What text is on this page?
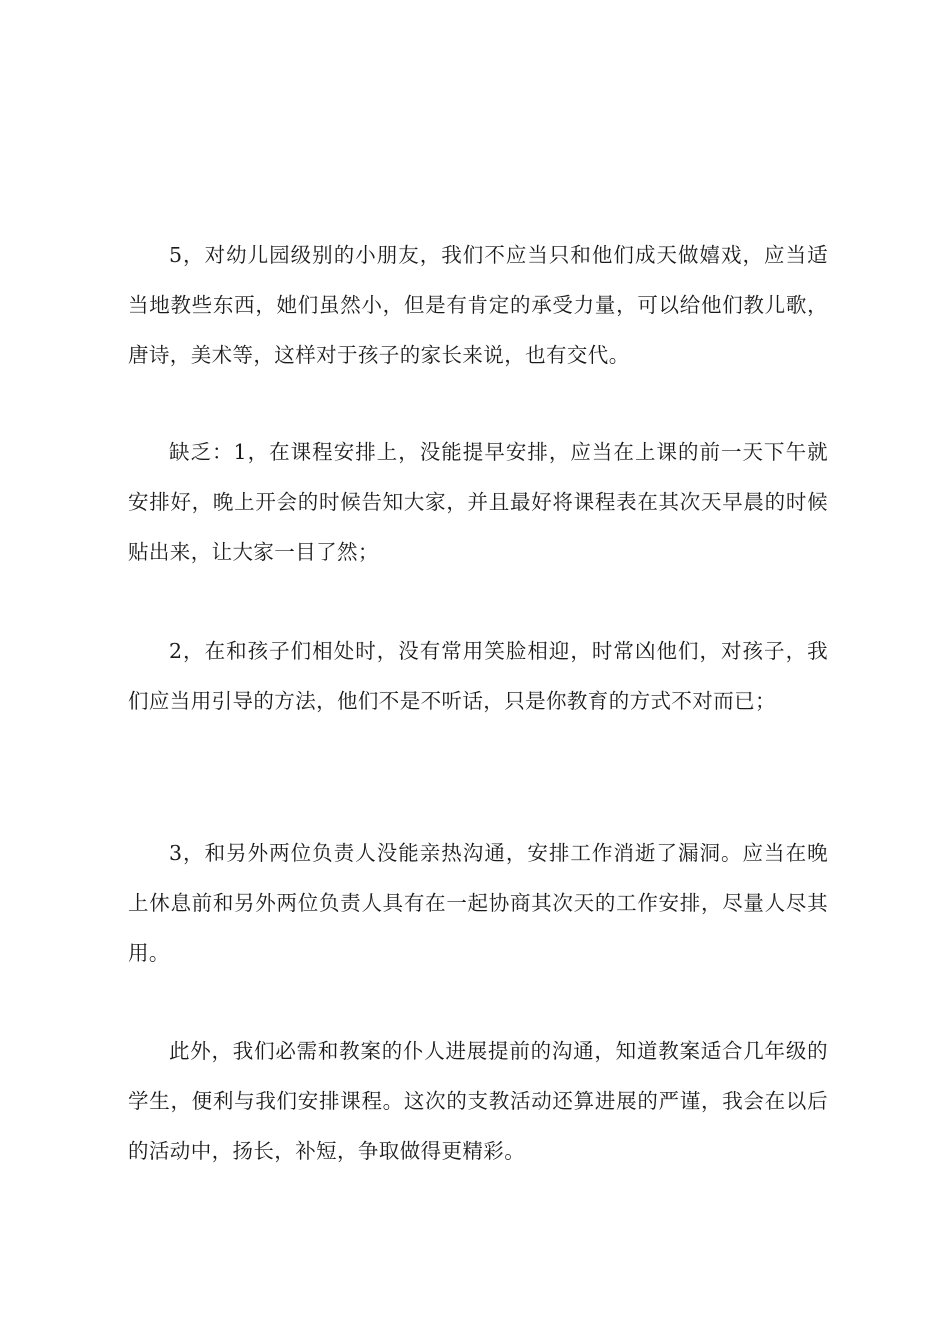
5，对幼儿园级别的小朋友，我们不应当只和他们成天做嬉戏，应当适当地教些东西，她们虽然小，但是有肯定的承受力量，可以给他们教儿歌，唐诗，美术等，这样对于孩子的家长来说，也有交代。

缺乏：1，在课程安排上，没能提早安排，应当在上课的前一天下午就安排好，晚上开会的时候告知大家，并且最好将课程表在其次天早晨的时候贴出来，让大家一目了然；

2，在和孩子们相处时，没有常用笑脸相迎，时常凶他们，对孩子，我们应当用引导的方法，他们不是不听话，只是你教育的方式不对而已；

3，和另外两位负责人没能亲热沟通，安排工作消逝了漏洞。应当在晚上休息前和另外两位负责人具有在一起协商其次天的工作安排，尽量人尽其用。

此外，我们必需和教案的仆人进展提前的沟通，知道教案适合几年级的学生，便利与我们安排课程。这次的支教活动还算进展的严谨，我会在以后的活动中，扬长，补短，争取做得更精彩。
